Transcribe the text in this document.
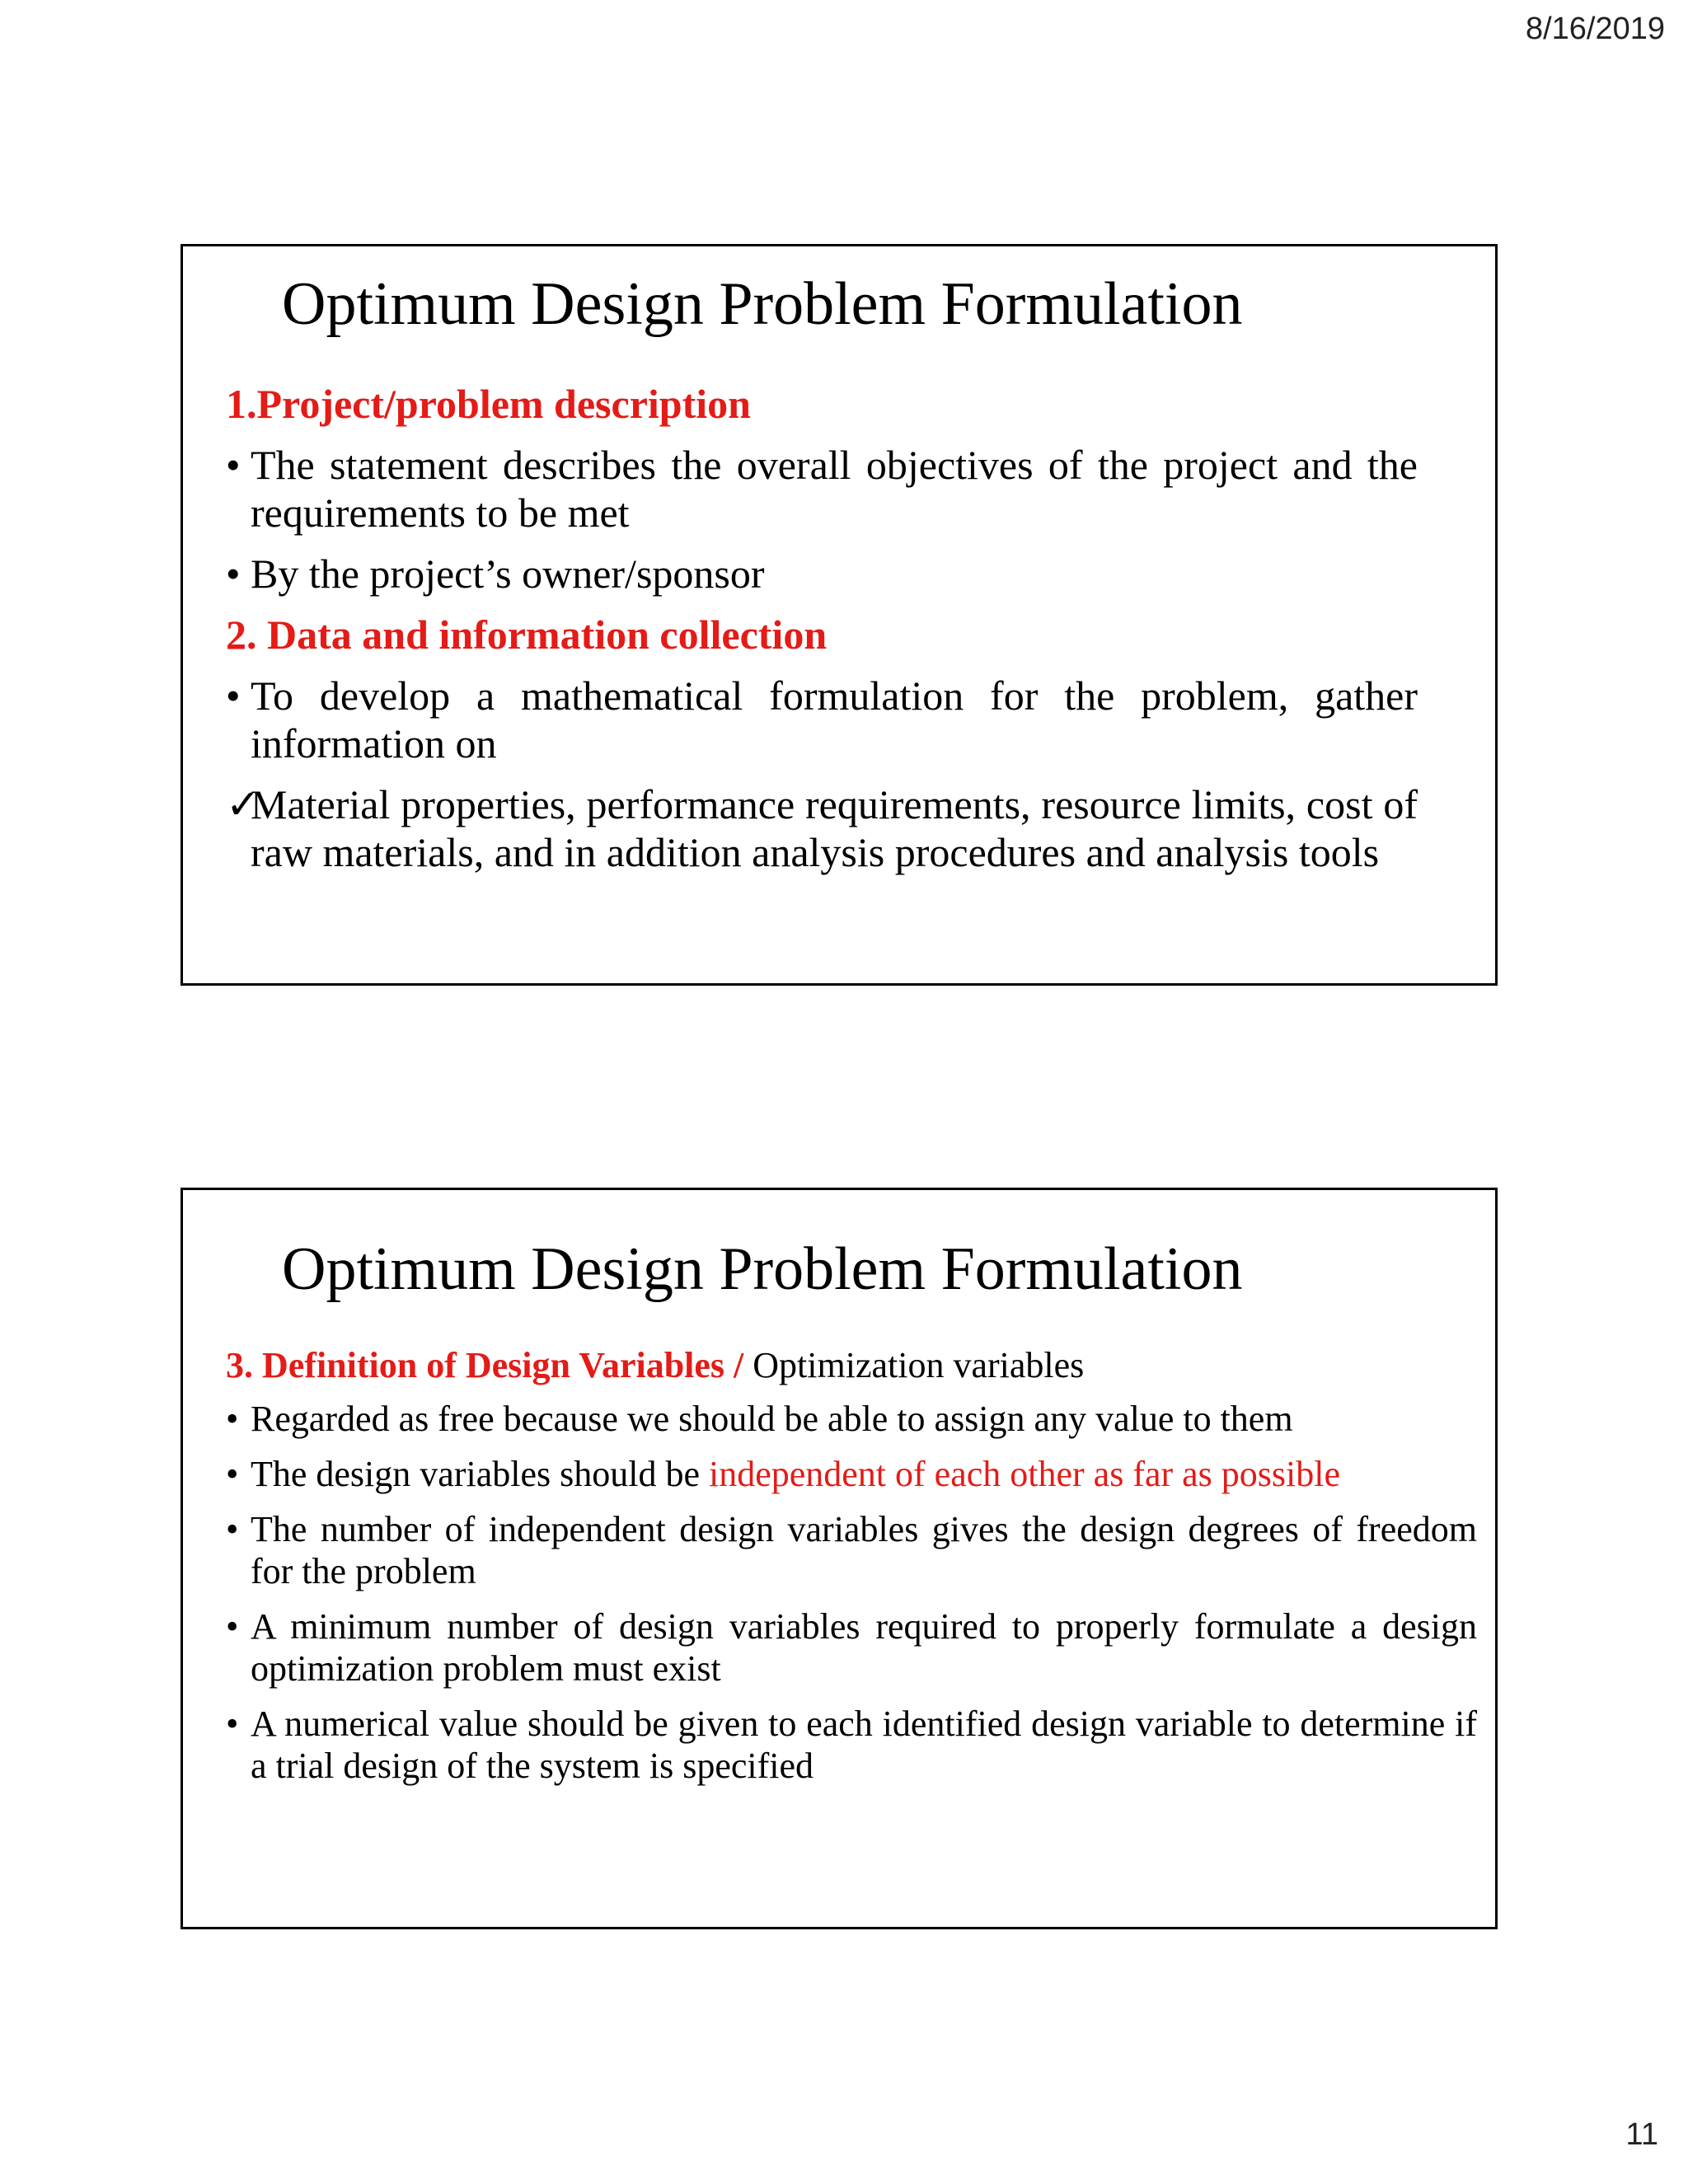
8/16/2019
Optimum Design Problem Formulation
1.Project/problem description
• The statement describes the overall objectives of the project and the requirements to be met
• By the project’s owner/sponsor
2. Data and information collection
• To develop a mathematical formulation for the problem, gather information on
✓
Material properties, performance requirements, resource limits, cost of raw materials, and in addition analysis procedures and analysis tools
Optimum Design Problem Formulation
3. Definition of Design Variables / Optimization variables
• Regarded as free because we should be able to assign any value to them
• The design variables should be independent of each other as far as possible
• The number of independent design variables gives the design degrees of freedom for the problem
• A minimum number of design variables required to properly formulate a design optimization problem must exist
• A numerical value should be given to each identified design variable to determine if a trial design of the system is specified
11
